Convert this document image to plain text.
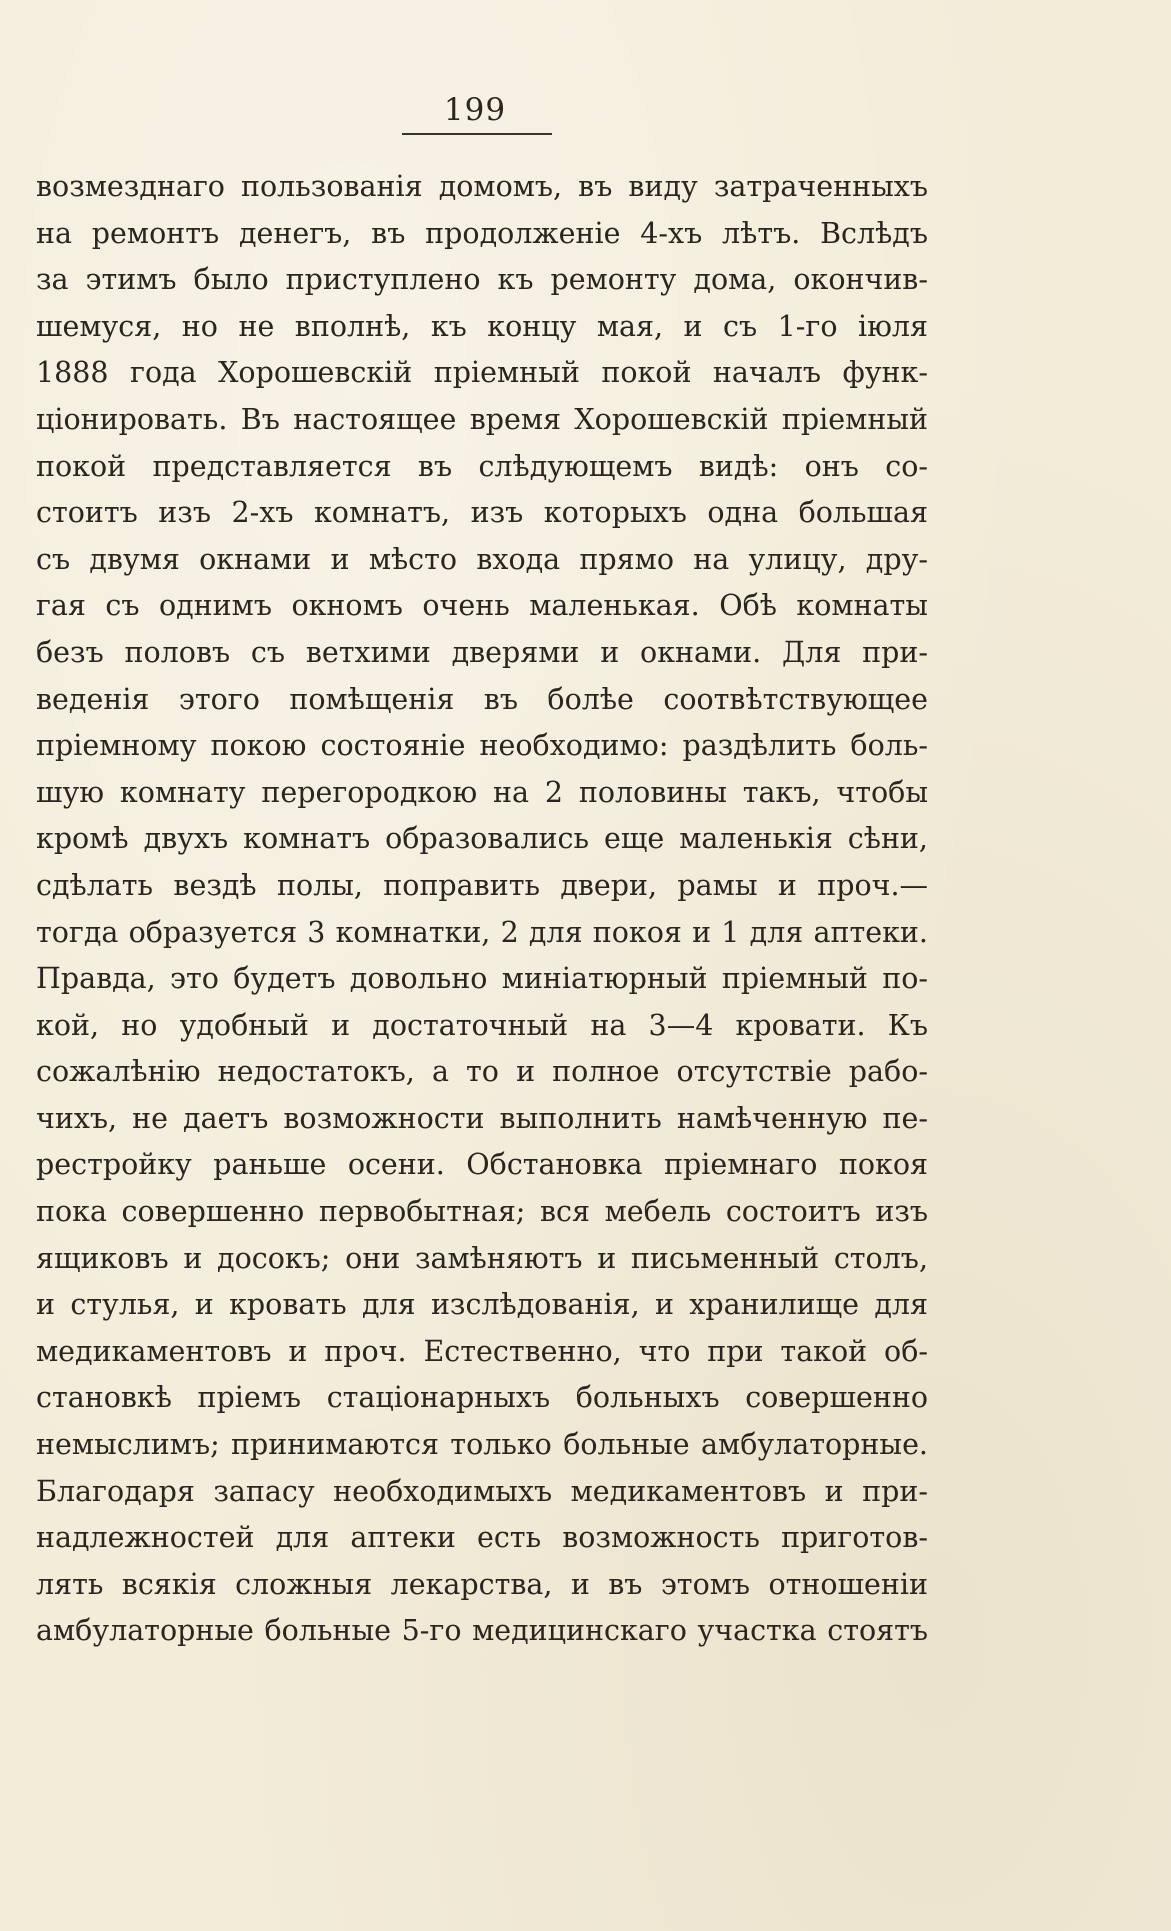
199
возмезднаго пользованія домомъ, въ виду затраченныхъ
на ремонтъ денегъ, въ продолженіе 4-хъ лѣтъ. Вслѣдъ
за этимъ было приступлено къ ремонту дома, окончив-
шемуся, но не вполнѣ, къ концу мая, и съ 1-го іюля
1888 года Хорошевскій пріемный покой началъ функ-
ціонировать. Въ настоящее время Хорошевскій пріемный
покой представляется въ слѣдующемъ видѣ: онъ со-
стоитъ изъ 2-хъ комнатъ, изъ которыхъ одна большая
съ двумя окнами и мѣсто входа прямо на улицу, дру-
гая съ однимъ окномъ очень маленькая. Обѣ комнаты
безъ половъ съ ветхими дверями и окнами. Для при-
веденія этого помѣщенія въ болѣе соотвѣтствующее
пріемному покою состояніе необходимо: раздѣлить боль-
шую комнату перегородкою на 2 половины такъ, чтобы
кромѣ двухъ комнатъ образовались еще маленькія сѣни,
сдѣлать вездѣ полы, поправить двери, рамы и проч.—
тогда образуется 3 комнатки, 2 для покоя и 1 для аптеки.
Правда, это будетъ довольно миніатюрный пріемный по-
кой, но удобный и достаточный на 3—4 кровати. Къ
сожалѣнію недостатокъ, а то и полное отсутствіе рабо-
чихъ, не даетъ возможности выполнить намѣченную пе-
рестройку раньше осени. Обстановка пріемнаго покоя
пока совершенно первобытная; вся мебель состоитъ изъ
ящиковъ и досокъ; они замѣняютъ и письменный столъ,
и стулья, и кровать для изслѣдованія, и хранилище для
медикаментовъ и проч. Естественно, что при такой об-
становкѣ пріемъ стаціонарныхъ больныхъ совершенно
немыслимъ; принимаются только больные амбулаторные.
Благодаря запасу необходимыхъ медикаментовъ и при-
надлежностей для аптеки есть возможность приготов-
лять всякія сложныя лекарства, и въ этомъ отношеніи
амбулаторные больные 5-го медицинскаго участка стоятъ
